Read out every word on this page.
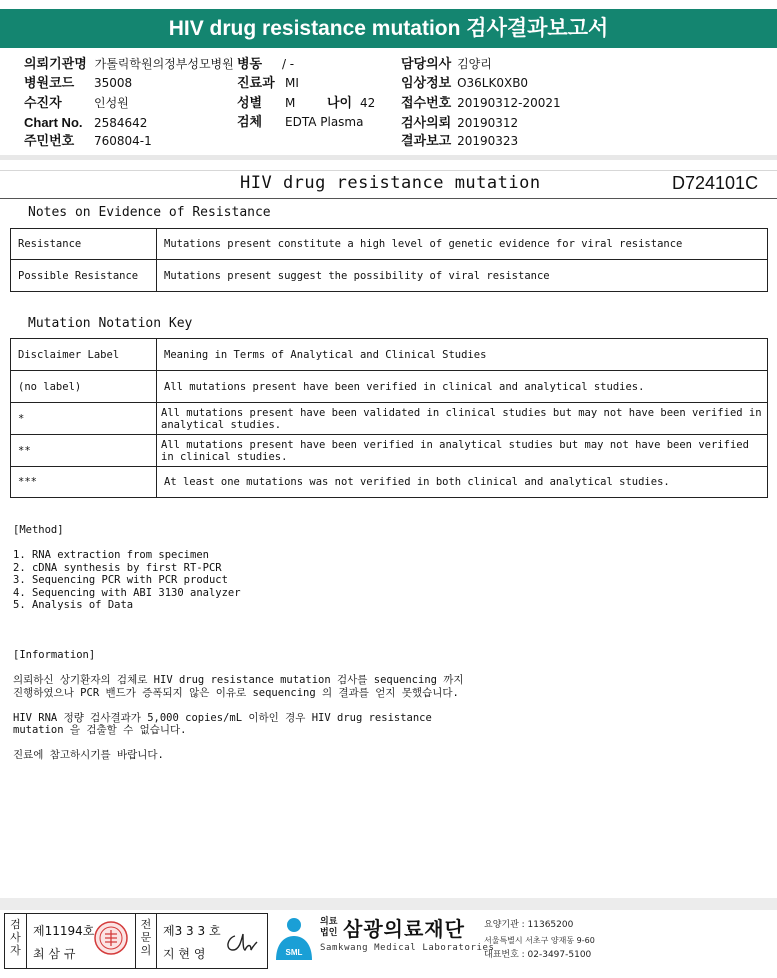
HIV drug resistance mutation 검사결과보고서
의뢰기관명 가톨릭학원의정부성모병원 병동 / -	담당의사 김양리
병원코드 35008	진료과 MI	임상정보 O36LK0XB0
수진자	인성원	성별 M 나이 42 접수번호 20190312-20021
Chart No. 2584642	검체 EDTA Plasma	검사의뢰 20190312
주민번호 760804-1	결과보고 20190323
HIV drug resistance mutation	D724101C
Notes on Evidence of Resistance
Resistance	Mutations present constitute a high level of genetic evidence for viral resistance
Possible Resistance	Mutations present suggest the possibility of viral resistance
Mutation Notation Key
Disclaimer Label	Meaning in Terms of Analytical and Clinical Studies
(no label)	All mutations present have been verified in clinical and analytical studies.
*	All mutations present have been validated in clinical studies but may not have been verified in analytical studies.
**	All mutations present have been verified in analytical studies but may not have been verified in clinical studies.
***	At least one mutations was not verified in both clinical and analytical studies.
[Method]
1. RNA extraction from specimen
2. cDNA synthesis by first RT-PCR
3. Sequencing PCR with PCR product
4. Sequencing with ABI 3130 analyzer
5. Analysis of Data
[Information]
의뢰하신 상기환자의 검체로 HIV drug resistance mutation 검사를 sequencing 까지
진행하였으나 PCR 밴드가 증폭되지 않은 이유로 sequencing 의 결과를 얻지 못했습니다.
HIV RNA 정량 검사결과가 5,000 copies/mL 이하인 경우 HIV drug resistance
mutation 을 검출할 수 없습니다.
진료에 참고하시기를 바랍니다.
검사자
제11194호
최 삼 규
전문의
제3 3 3 호
지 현 영	SML
의료
법인 삼광의료재단
Samkwang Medical Laboratories
요양기관 : 11365200
서울특별시 서초구 양재동 9-60
대표번호 : 02-3497-5100
